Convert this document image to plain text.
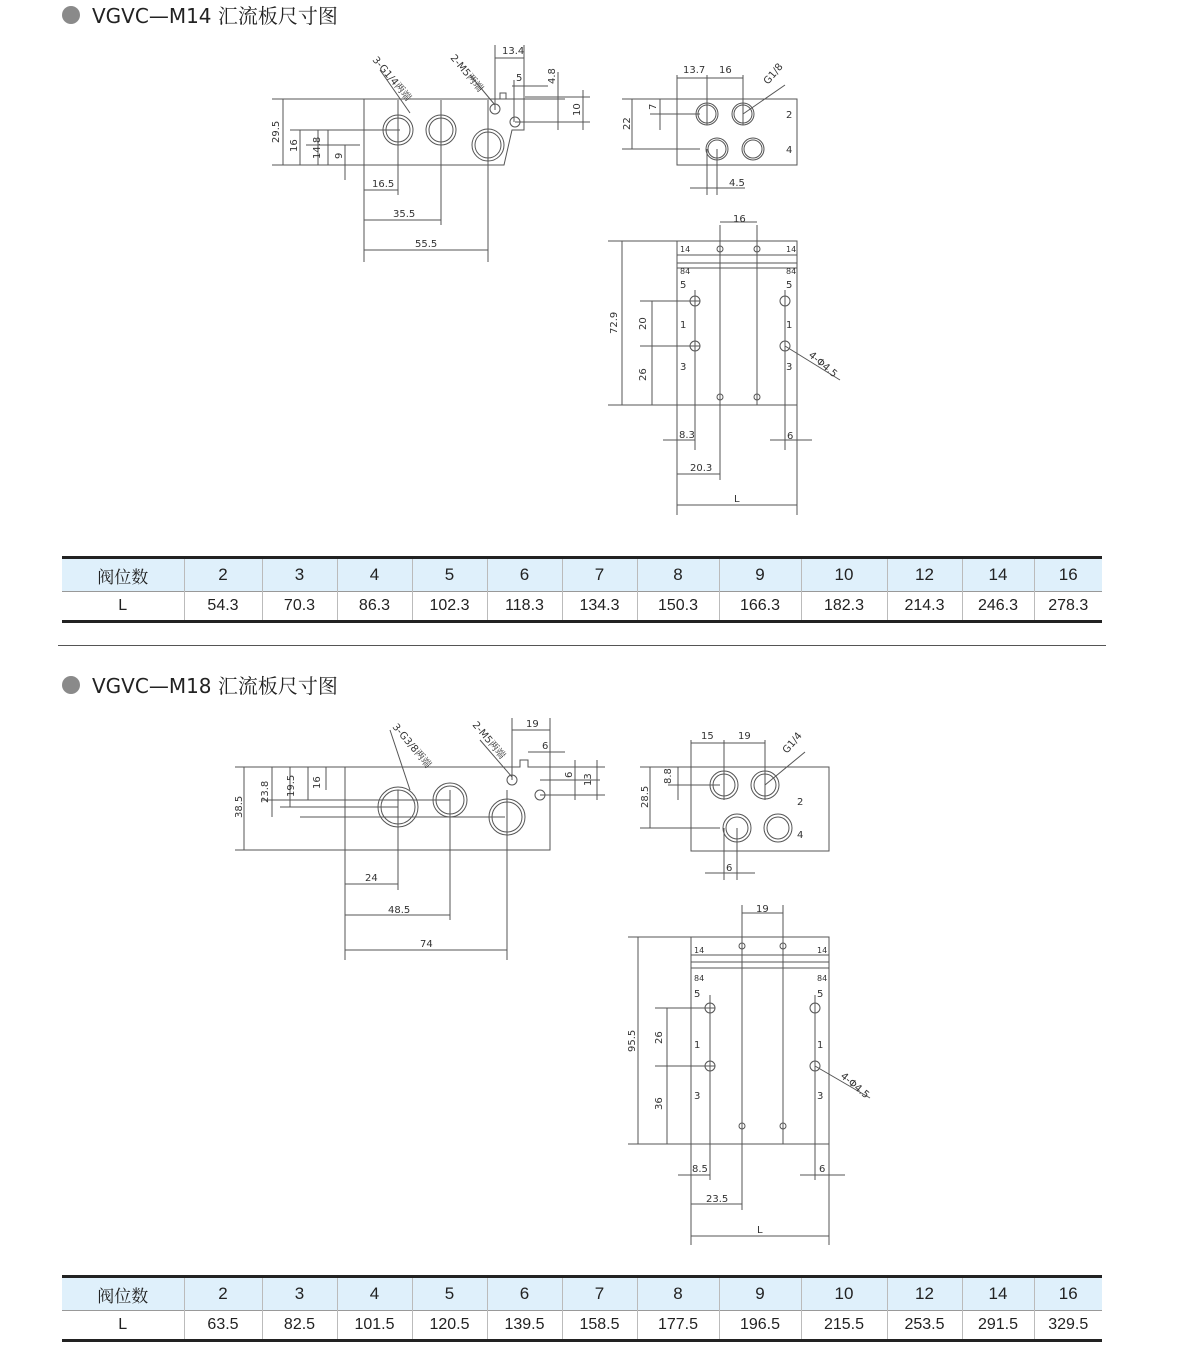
VGVC—M14 汇流板尺寸图
VGVC—M18 汇流板尺寸图
3-G1/4两端	2-M5两端
13.4
5 4.8
10
29.5
16 14.8 9
16.5
35.5
55.5
13.7 16	G1/8
2
4
7
22
4.5
16
14	14
84	84
5	5
1	1
3	3
72.9 20
26	4-Φ4.5
8.3	6
20.3
L
3-G3/8两端	2-M5两端 19
6
6 13
38.5
23.8 19.5 16
24
48.5
74
15 19	G1/4
2
4
8.8
28.5
6
19
14	14
84	84
5	5
1	1
3	3
95.5 26
36
4-Φ4.5
8.5	6
23.5
L
阀位数	2	3	4	5	6	7	8	9	10	12	14	16
L	54.3	70.3	86.3	102.3	118.3	134.3	150.3	166.3	182.3	214.3	246.3	278.3
阀位数	2	3	4	5	6	7	8	9	10	12	14	16
L	63.5	82.5	101.5	120.5	139.5	158.5	177.5	196.5	215.5	253.5	291.5	329.5
